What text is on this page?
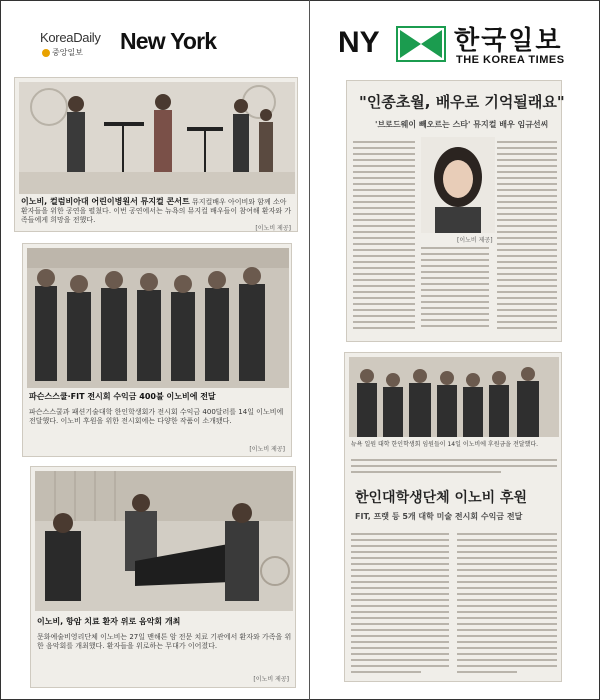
KoreaDaily
중앙일보 New York	NY	한국일보
THE KOREA TIMES
이노비, 컬럼비아대 어린이병원서 뮤지컬 콘서트 뮤지컬배우 아이비와 함께 소아환자들을 위한 공연을 펼쳤다. 이번 공연에서는 뉴욕의 뮤지컬 배우들이 참여해 환자와 가족들에게 희망을 전했다.
[이노비 제공]
파슨스스쿨·FIT 전시회 수익금 400불 이노비에 전달
파슨스스쿨과 패션기술대학 한인학생회가 전시회 수익금 400달러를 14일 이노비에 전달했다. 이노비 후원을 위한 전시회에는 다양한 작품이 소개됐다.
[이노비 제공]
이노비, 항암 치료 환자 위로 음악회 개최
문화예술비영리단체 이노비는 27일 맨해튼 암 전문 치료 기관에서 환자와 가족을 위한 음악회를 개최했다. 환자들을 위로하는 무대가 이어졌다.
[이노비 제공]
"인종초월, 배우로 기억될래요"
'브로드웨이 빼오르는 스타' 뮤지컬 배우 임규선씨
[이노비 제공]
뉴욕 일원 대학 한인학생회 임원들이 14일 이노비에 후원금을 전달했다.
한인대학생단체 이노비 후원
FIT, 프랫 등 5개 대학 미술 전시회 수익금 전달
